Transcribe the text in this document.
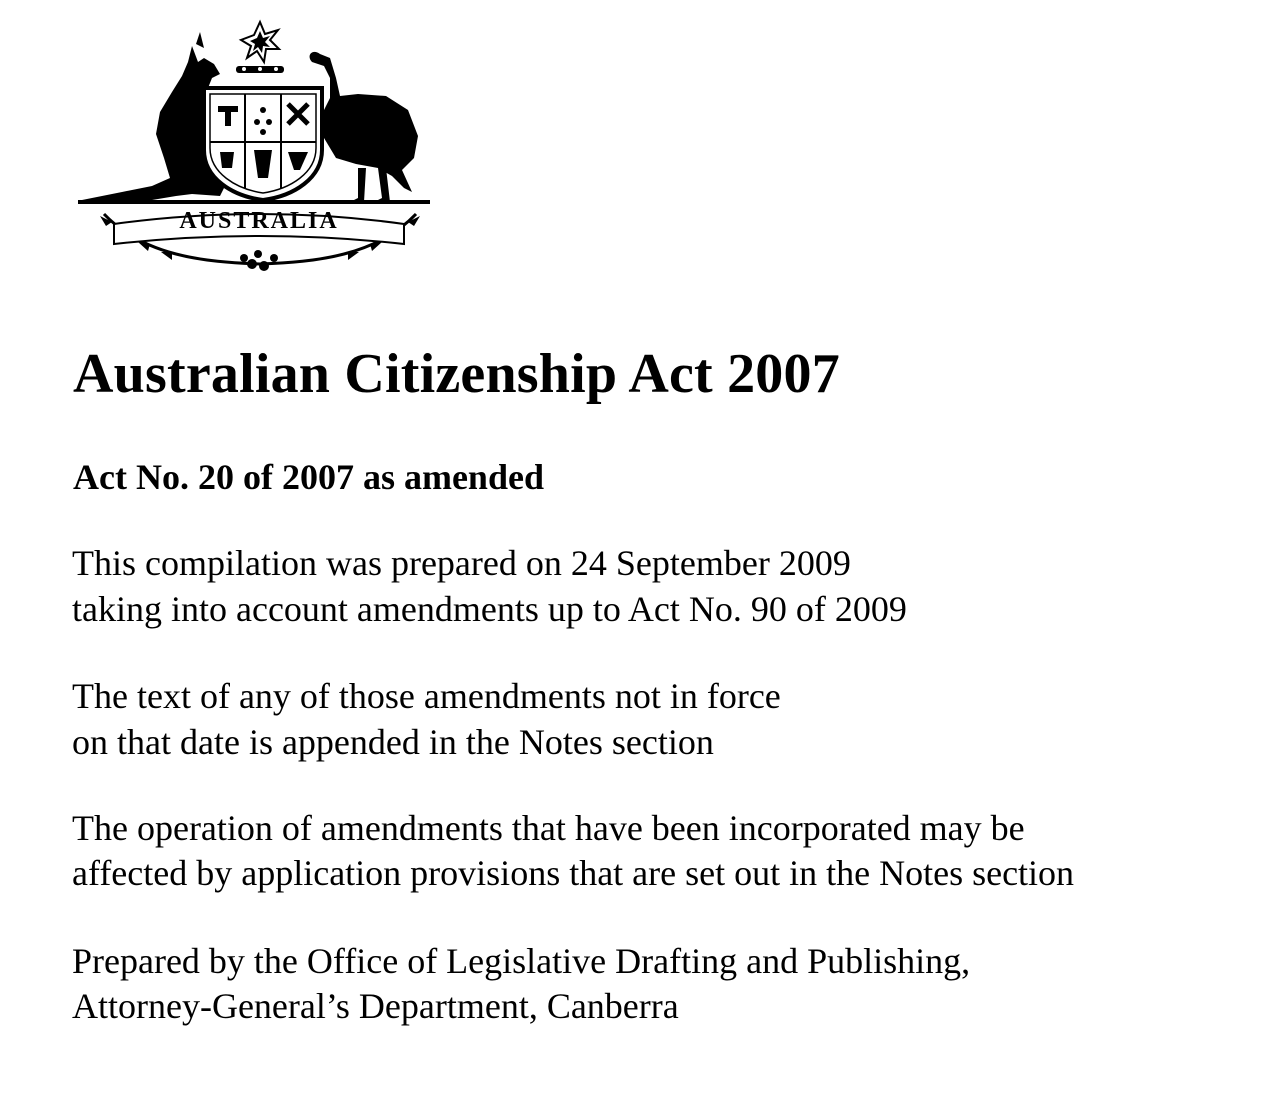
AUSTRALIA
Australian Citizenship Act 2007

Act No. 20 of 2007 as amended

This compilation was prepared on 24 September 2009
taking into account amendments up to Act No. 90 of 2009

The text of any of those amendments not in force
on that date is appended in the Notes section

The operation of amendments that have been incorporated may be
affected by application provisions that are set out in the Notes section

Prepared by the Office of Legislative Drafting and Publishing,
Attorney-General’s Department, Canberra
